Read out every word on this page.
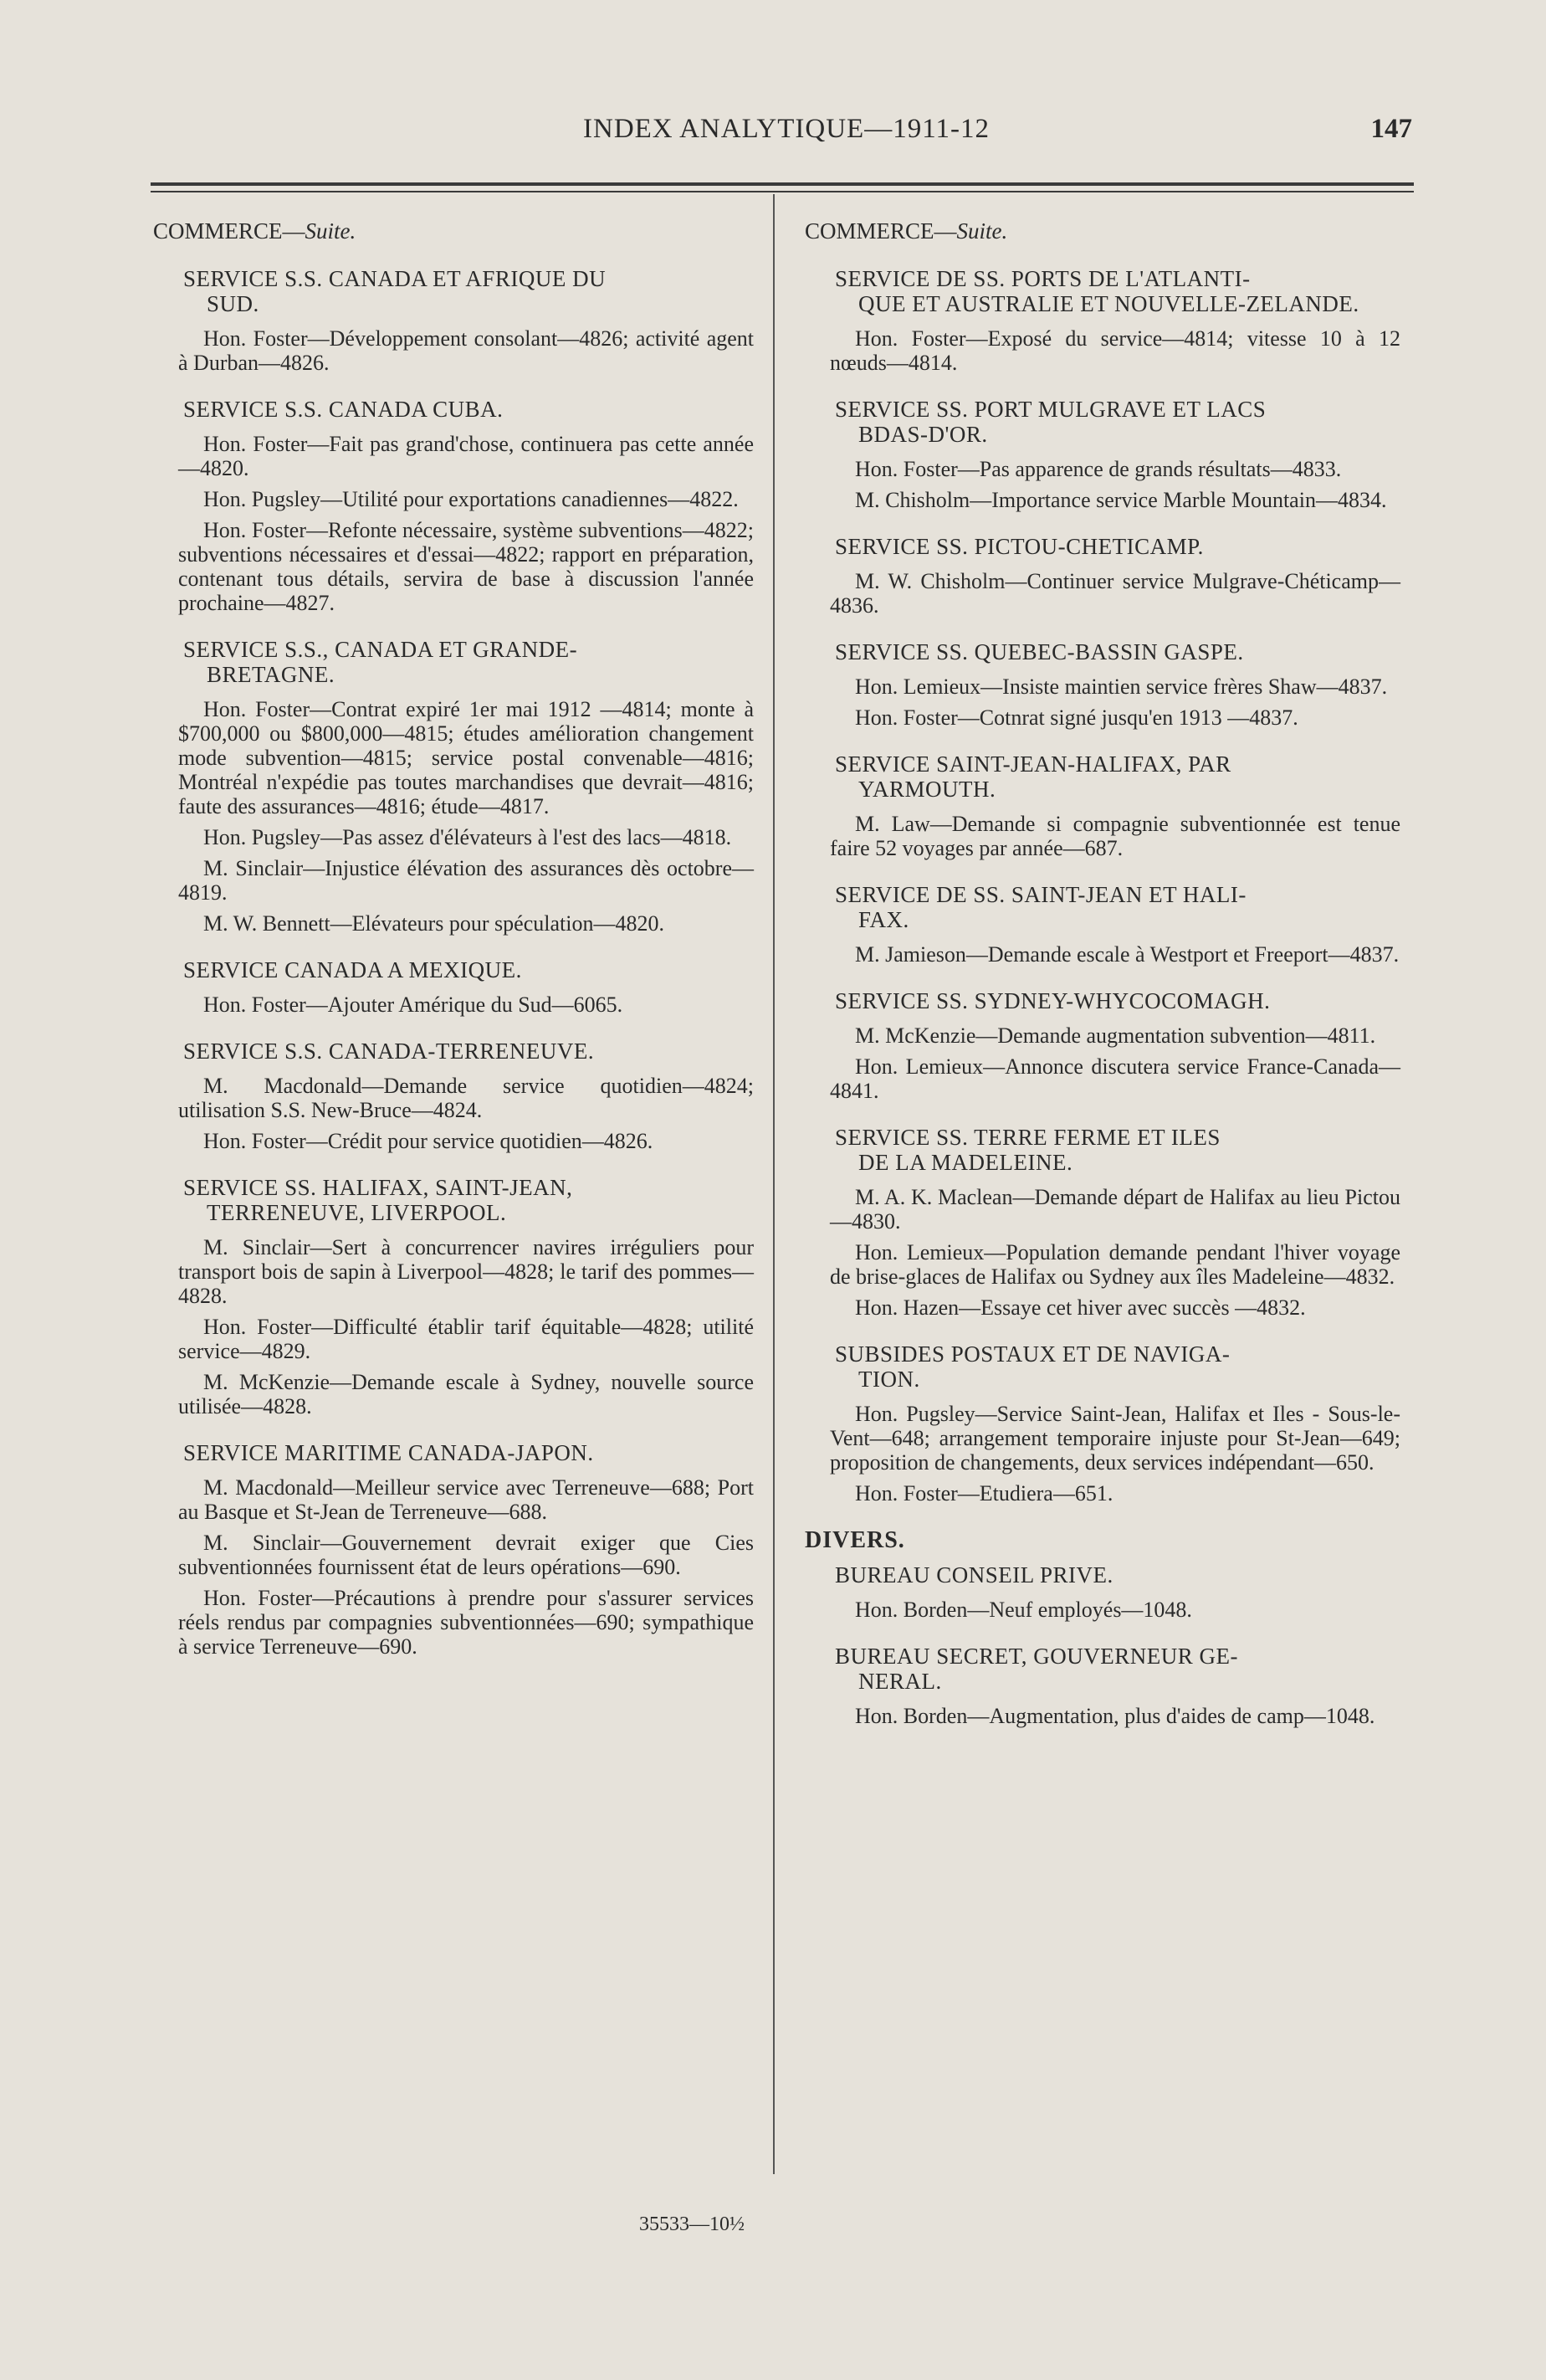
INDEX ANALYTIQUE—1911-12	147
COMMERCE—Suite.
SERVICE S.S. CANADA ET AFRIQUE DU
SUD.

Hon. Foster—Développement consolant—4826; activité agent à Durban—4826.

SERVICE S.S. CANADA CUBA.

Hon. Foster—Fait pas grand'chose, continuera pas cette année—4820.

Hon. Pugsley—Utilité pour exportations canadiennes—4822.

Hon. Foster—Refonte nécessaire, système subventions—4822; subventions nécessaires et d'essai—4822; rapport en préparation, contenant tous détails, servira de base à discussion l'année prochaine—4827.

SERVICE S.S., CANADA ET GRANDE-
BRETAGNE.

Hon. Foster—Contrat expiré 1er mai 1912 —4814; monte à $700,000 ou $800,000—4815; études amélioration changement mode subvention—4815; service postal convenable—4816; Montréal n'expédie pas toutes marchandises que devrait—4816; faute des assurances—4816; étude—4817.

Hon. Pugsley—Pas assez d'élévateurs à l'est des lacs—4818.

M. Sinclair—Injustice élévation des assurances dès octobre—4819.

M. W. Bennett—Elévateurs pour spéculation—4820.

SERVICE CANADA A MEXIQUE.

Hon. Foster—Ajouter Amérique du Sud—6065.

SERVICE S.S. CANADA-TERRENEUVE.

M. Macdonald—Demande service quotidien—4824; utilisation S.S. New-Bruce—4824.

Hon. Foster—Crédit pour service quotidien—4826.

SERVICE SS. HALIFAX, SAINT-JEAN,
TERRENEUVE, LIVERPOOL.

M. Sinclair—Sert à concurrencer navires irréguliers pour transport bois de sapin à Liverpool—4828; le tarif des pommes—4828.

Hon. Foster—Difficulté établir tarif équitable—4828; utilité service—4829.

M. McKenzie—Demande escale à Sydney, nouvelle source utilisée—4828.

SERVICE MARITIME CANADA-JAPON.

M. Macdonald—Meilleur service avec Terreneuve—688; Port au Basque et St-Jean de Terreneuve—688.

M. Sinclair—Gouvernement devrait exiger que Cies subventionnées fournissent état de leurs opérations—690.

Hon. Foster—Précautions à prendre pour s'assurer services réels rendus par compagnies subventionnées—690; sympathique à service Terreneuve—690.

COMMERCE—Suite.
SERVICE DE SS. PORTS DE L'ATLANTI-
QUE ET AUSTRALIE ET NOUVELLE-ZELANDE.

Hon. Foster—Exposé du service—4814; vitesse 10 à 12 nœuds—4814.

SERVICE SS. PORT MULGRAVE ET LACS
BDAS-D'OR.

Hon. Foster—Pas apparence de grands résultats—4833.

M. Chisholm—Importance service Marble Mountain—4834.

SERVICE SS. PICTOU-CHETICAMP.

M. W. Chisholm—Continuer service Mulgrave-Chéticamp—4836.

SERVICE SS. QUEBEC-BASSIN GASPE.

Hon. Lemieux—Insiste maintien service frères Shaw—4837.

Hon. Foster—Cotnrat signé jusqu'en 1913 —4837.

SERVICE SAINT-JEAN-HALIFAX, PAR
YARMOUTH.

M. Law—Demande si compagnie subventionnée est tenue faire 52 voyages par année—687.

SERVICE DE SS. SAINT-JEAN ET HALI-
FAX.

M. Jamieson—Demande escale à Westport et Freeport—4837.

SERVICE SS. SYDNEY-WHYCOCOMAGH.

M. McKenzie—Demande augmentation subvention—4811.

Hon. Lemieux—Annonce discutera service France-Canada—4841.

SERVICE SS. TERRE FERME ET ILES
DE LA MADELEINE.

M. A. K. Maclean—Demande départ de Halifax au lieu Pictou—4830.

Hon. Lemieux—Population demande pendant l'hiver voyage de brise-glaces de Halifax ou Sydney aux îles Madeleine—4832.

Hon. Hazen—Essaye cet hiver avec succès —4832.

SUBSIDES POSTAUX ET DE NAVIGA-
TION.

Hon. Pugsley—Service Saint-Jean, Halifax et Iles - Sous-le-Vent—648; arrangement temporaire injuste pour St-Jean—649; proposition de changements, deux services indépendant—650.

Hon. Foster—Etudiera—651.

DIVERS.
BUREAU CONSEIL PRIVE.

Hon. Borden—Neuf employés—1048.

BUREAU SECRET, GOUVERNEUR GE-
NERAL.

Hon. Borden—Augmentation, plus d'aides de camp—1048.

35533—10½
